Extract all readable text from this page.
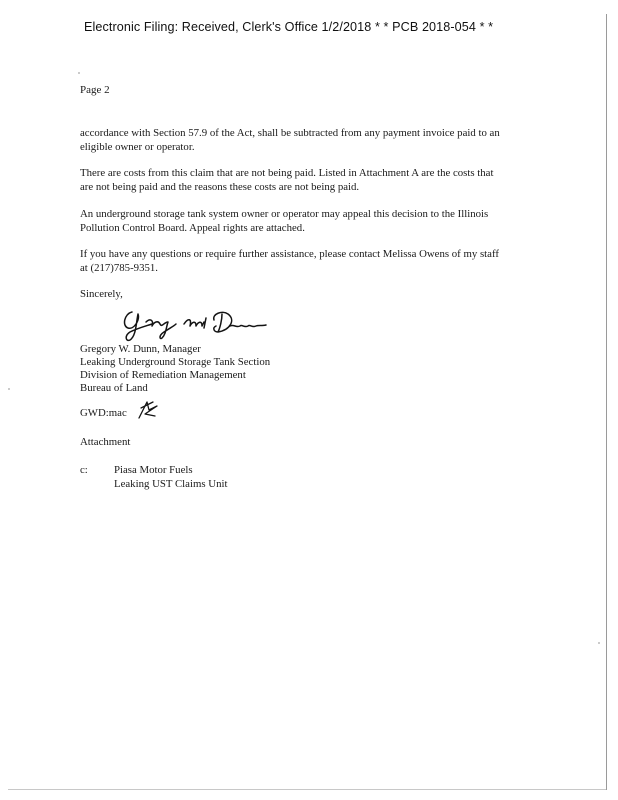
Electronic Filing: Received, Clerk's Office 1/2/2018 * * PCB 2018-054 * *
Page 2
accordance with Section 57.9 of the Act, shall be subtracted from any payment invoice paid to an
eligible owner or operator.
There are costs from this claim that are not being paid. Listed in Attachment A are the costs that
are not being paid and the reasons these costs are not being paid.
An underground storage tank system owner or operator may appeal this decision to the Illinois
Pollution Control Board. Appeal rights are attached.
If you have any questions or require further assistance, please contact Melissa Owens of my staff
at (217)785-9351.
Sincerely,
Gregory W. Dunn, Manager
Leaking Underground Storage Tank Section
Division of Remediation Management
Bureau of Land
GWD:mac
Attachment
c: Piasa Motor Fuels
Leaking UST Claims Unit
